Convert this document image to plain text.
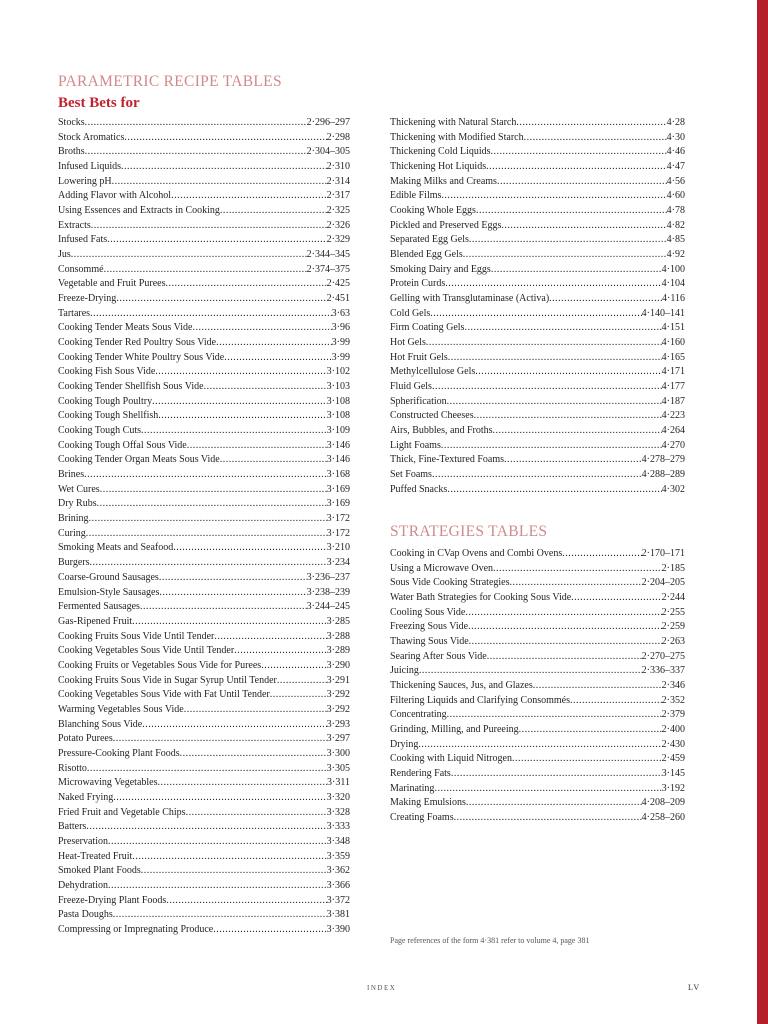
PARAMETRIC RECIPE TABLES
Best Bets for
Stocks .....	2·296–297
Stock Aromatics .....	2·298
Broths .....	2·304–305
Infused Liquids .....	2·310
Lowering pH .....	2·314
Adding Flavor with Alcohol .....	2·317
Using Essences and Extracts in Cooking .....	2·325
Extracts .....	2·326
Infused Fats .....	2·329
Jus .....	2·344–345
Consommé .....	2·374–375
Vegetable and Fruit Purees .....	2·425
Freeze-Drying .....	2·451
Tartares .....	3·63
Cooking Tender Meats Sous Vide .....	3·96
Cooking Tender Red Poultry Sous Vide .....	3·99
Cooking Tender White Poultry Sous Vide .....	3·99
Cooking Fish Sous Vide .....	3·102
Cooking Tender Shellfish Sous Vide .....	3·103
Cooking Tough Poultry .....	3·108
Cooking Tough Shellfish .....	3·108
Cooking Tough Cuts .....	3·109
Cooking Tough Offal Sous Vide .....	3·146
Cooking Tender Organ Meats Sous Vide .....	3·146
Brines .....	3·168
Wet Cures .....	3·169
Dry Rubs .....	3·169
Brining .....	3·172
Curing .....	3·172
Smoking Meats and Seafood .....	3·210
Burgers .....	3·234
Coarse-Ground Sausages .....	3·236–237
Emulsion-Style Sausages .....	3·238–239
Fermented Sausages .....	3·244–245
Gas-Ripened Fruit .....	3·285
Cooking Fruits Sous Vide Until Tender .....	3·288
Cooking Vegetables Sous Vide Until Tender .....	3·289
Cooking Fruits or Vegetables Sous Vide for Purees .....	3·290
Cooking Fruits Sous Vide in Sugar Syrup Until Tender .....	3·291
Cooking Vegetables Sous Vide with Fat Until Tender .....	3·292
Warming Vegetables Sous Vide .....	3·292
Blanching Sous Vide .....	3·293
Potato Purees .....	3·297
Pressure-Cooking Plant Foods .....	3·300
Risotto .....	3·305
Microwaving Vegetables .....	3·311
Naked Frying .....	3·320
Fried Fruit and Vegetable Chips .....	3·328
Batters .....	3·333
Preservation .....	3·348
Heat-Treated Fruit .....	3·359
Smoked Plant Foods .....	3·362
Dehydration .....	3·366
Freeze-Drying Plant Foods .....	3·372
Pasta Doughs .....	3·381
Compressing or Impregnating Produce .....	3·390
Thickening with Natural Starch .....	4·28
Thickening with Modified Starch .....	4·30
Thickening Cold Liquids .....	4·46
Thickening Hot Liquids .....	4·47
Making Milks and Creams .....	4·56
Edible Films .....	4·60
Cooking Whole Eggs .....	4·78
Pickled and Preserved Eggs .....	4·82
Separated Egg Gels .....	4·85
Blended Egg Gels .....	4·92
Smoking Dairy and Eggs .....	4·100
Protein Curds .....	4·104
Gelling with Transglutaminase (Activa) .....	4·116
Cold Gels .....	4·140–141
Firm Coating Gels .....	4·151
Hot Gels .....	4·160
Hot Fruit Gels .....	4·165
Methylcellulose Gels .....	4·171
Fluid Gels .....	4·177
Spherification .....	4·187
Constructed Cheeses .....	4·223
Airs, Bubbles, and Froths .....	4·264
Light Foams .....	4·270
Thick, Fine-Textured Foams .....	4·278–279
Set Foams .....	4·288–289
Puffed Snacks .....	4·302
STRATEGIES TABLES
Cooking in CVap Ovens and Combi Ovens .....	2·170–171
Using a Microwave Oven .....	2·185
Sous Vide Cooking Strategies .....	2·204–205
Water Bath Strategies for Cooking Sous Vide .....	2·244
Cooling Sous Vide .....	2·255
Freezing Sous Vide .....	2·259
Thawing Sous Vide .....	2·263
Searing After Sous Vide .....	2·270–275
Juicing .....	2·336–337
Thickening Sauces, Jus, and Glazes .....	2·346
Filtering Liquids and Clarifying Consommés .....	2·352
Concentrating .....	2·379
Grinding, Milling, and Pureeing .....	2·400
Drying .....	2·430
Cooking with Liquid Nitrogen .....	2·459
Rendering Fats .....	3·145
Marinating .....	3·192
Making Emulsions .....	4·208–209
Creating Foams .....	4·258–260

Page references of the form 4·381 refer to volume 4, page 381

INDEX	LV
